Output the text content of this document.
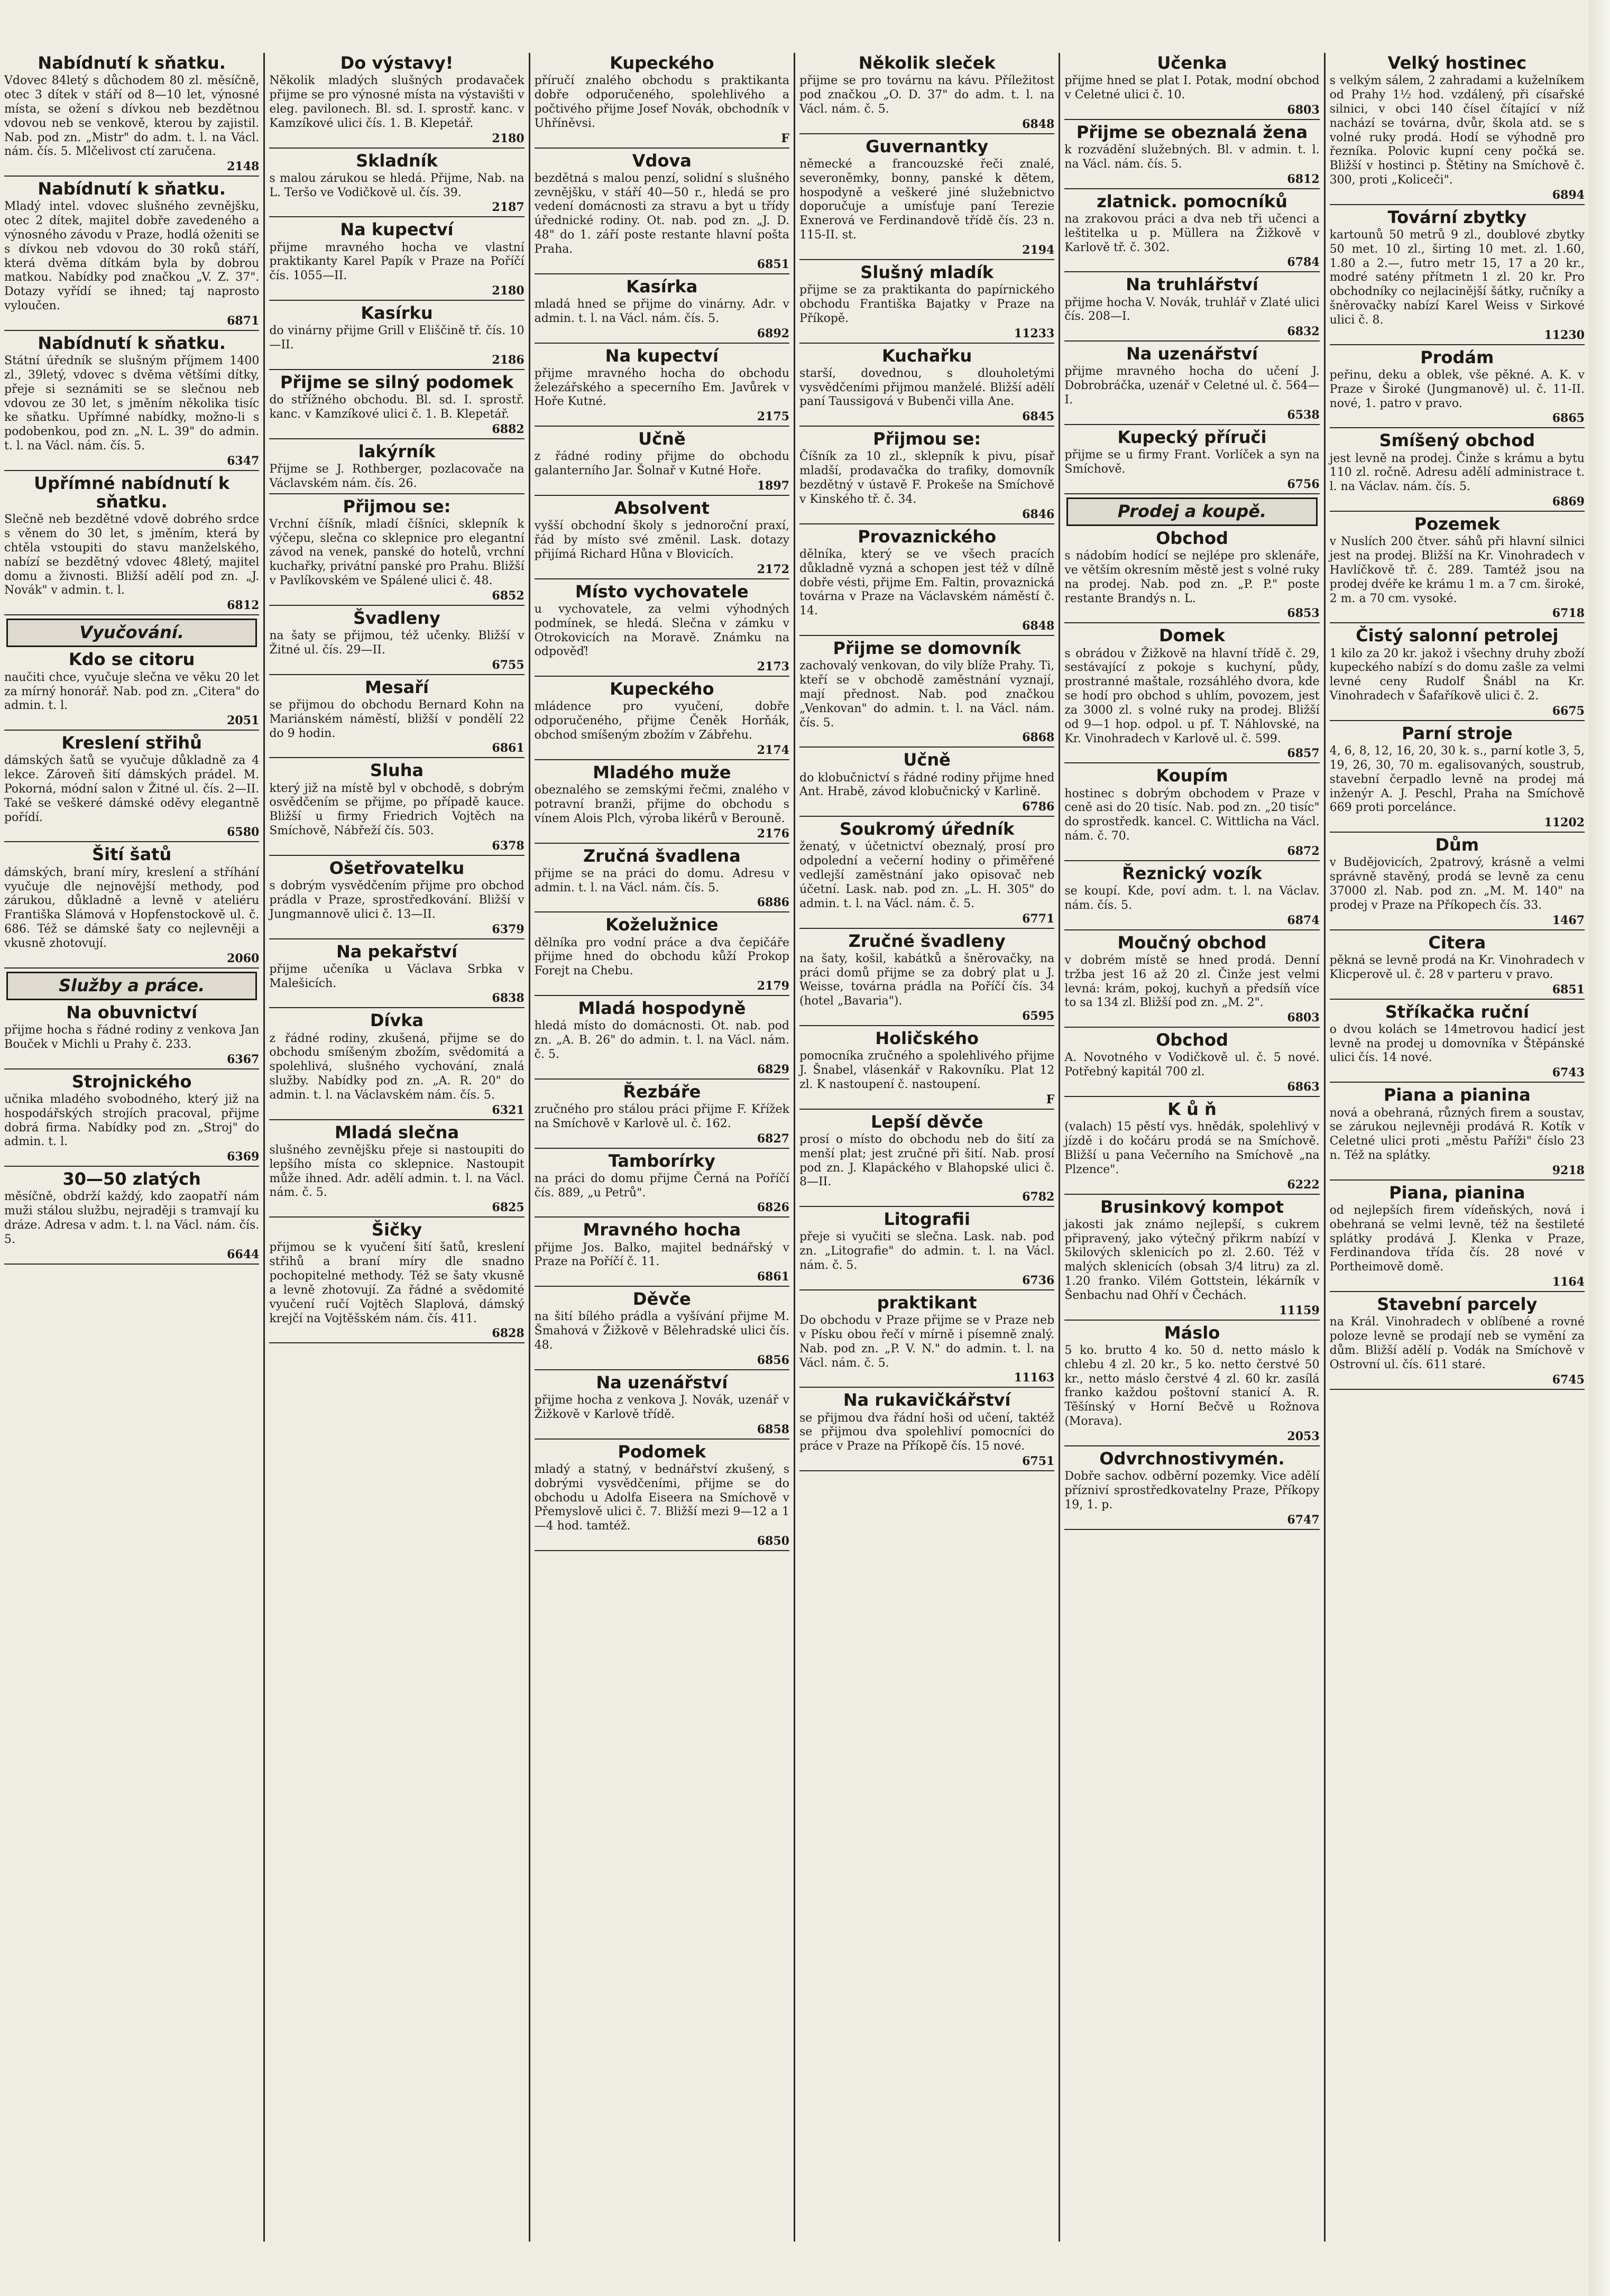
Nabídnutí k sňatku.

Vdovec 84letý s důchodem 80 zl. měsíčně, otec 3 dítek v stáří od 8—10 let, výnosné místa, se ožení s dívkou neb bezdětnou vdovou neb se venkově, kterou by zajistil. Nab. pod zn. „Mistr" do adm. t. l. na Václ. nám. čís. 5. Mlčelivost ctí zaručena.

2148
Nabídnutí k sňatku.

Mladý intel. vdovec slušného zevnějšku, otec 2 dítek, majitel dobře zavedeného a výnosného závodu v Praze, hodlá oženiti se s dívkou neb vdovou do 30 roků stáří, která dvěma dítkám byla by dobrou matkou. Nabídky pod značkou „V. Z. 37". Dotazy vyřídí se ihned; taj naprosto vyloučen.

6871
Nabídnutí k sňatku.

Státní úředník se slušným příjmem 1400 zl., 39letý, vdovec s dvěma většími dítky, přeje si seznámiti se se slečnou neb vdovou ze 30 let, s jměním několika tisíc ke sňatku. Upřímné nabídky, možno-li s podobenkou, pod zn. „N. L. 39" do admin. t. l. na Václ. nám. čís. 5.

6347
Upřímné nabídnutí k sňatku.

Slečně neb bezdětné vdově dobrého srdce s věnem do 30 let, s jměním, která by chtěla vstoupiti do stavu manželského, nabízí se bezdětný vdovec 48letý, majitel domu a živnosti. Bližší adělí pod zn. „J. Novák" v admin. t. l.

6812
Vyučování.
Kdo se citoru

naučiti chce, vyučuje slečna ve věku 20 let za mírný honorář. Nab. pod zn. „Citera" do admin. t. l.

2051
Kreslení střihů

dámských šatů se vyučuje důkladně za 4 lekce. Zároveň šití dámských prádel. M. Pokorná, módní salon v Žitné ul. čís. 2—II. Také se veškeré dámské oděvy elegantně pořídí.

6580
Šití šatů

dámských, braní míry, kreslení a stříhání vyučuje dle nejnovější methody, pod zárukou, důkladně a levně v ateliéru Františka Slámová v Hopfenstockově ul. č. 686. Též se dámské šaty co nejlevněji a vkusně zhotovují.

2060
Služby a práce.
Na obuvnictví

přijme hocha s řádné rodiny z venkova Jan Bouček v Michli u Prahy č. 233.

6367
Strojnického

učnika mladého svobodného, který již na hospodářských strojích pracoval, přijme dobrá firma. Nabídky pod zn. „Stroj" do admin. t. l.

6369
30—50 zlatých

měsíčně, obdrží každý, kdo zaopatří nám muži stálou službu, nejraději s tramvají ku dráze. Adresa v adm. t. l. na Václ. nám. čís. 5.

6644
Do výstavy!

Několik mladých slušných prodavaček přijme se pro výnosné místa na výstavišti v eleg. pavilonech. Bl. sd. I. sprostř. kanc. v Kamzíkové ulici čís. 1. B. Klepetář.

2180
Skladník

s malou zárukou se hledá. Přijme, Nab. na L. Teršo ve Vodičkově ul. čís. 39.

2187
Na kupectví

přijme mravného hocha ve vlastní praktikanty Karel Papík v Praze na Poříčí čís. 1055—II.

2180
Kasírku

do vinárny přijme Grill v Eliščině tř. čís. 10—II.

2186
Přijme se silný podomek

do střížného obchodu. Bl. sd. I. sprostř. kanc. v Kamzíkové ulici č. 1. B. Klepetář.

6882
lakýrník

Přijme se J. Rothberger, pozlacovače na Václavském nám. čís. 26.

Přijmou se:

Vrchní číšník, mladí číšníci, sklepník k výčepu, slečna co sklepnice pro elegantní závod na venek, panské do hotelů, vrchní kuchařky, privátní panské pro Prahu. Bližší v Pavlíkovském ve Spálené ulici č. 48.

6852
Švadleny

na šaty se přijmou, též učenky. Bližší v Žitné ul. čís. 29—II.

6755
Mesaří

se přijmou do obchodu Bernard Kohn na Mariánském náměstí, bližší v pondělí 22 do 9 hodin.

6861
Sluha

který již na místě byl v obchodě, s dobrým osvědčením se přijme, po případě kauce. Bližší u firmy Friedrich Vojtěch na Smíchově, Nábřeží čís. 503.

6378
Ošetřovatelku

s dobrým vysvědčením přijme pro obchod prádla v Praze, sprostředkování. Bližší v Jungmannově ulici č. 13—II.

6379
Na pekařství

přijme učeníka u Václava Srbka v Malešicích.

6838
Dívka

z řádné rodiny, zkušená, přijme se do obchodu smíšeným zbožím, svědomitá a spolehlivá, slušného vychování, znalá služby. Nabídky pod zn. „A. R. 20" do admin. t. l. na Václavském nám. čís. 5.

6321
Mladá slečna

slušného zevnějšku přeje si nastoupiti do lepšího místa co sklepnice. Nastoupit může ihned. Adr. adělí admin. t. l. na Václ. nám. č. 5.

6825
Šičky

přijmou se k vyučení šití šatů, kreslení střihů a braní míry dle snadno pochopitelné methody. Též se šaty vkusně a levně zhotovují. Za řádné a svědomité vyučení ručí Vojtěch Slaplová, dámský krejčí na Vojtěšském nám. čís. 411.

6828
Kupeckého

příručí znalého obchodu s praktikanta dobře odporučeného, spolehlivého a počtivého přijme Josef Novák, obchodník v Uhříněvsi.

F
Vdova

bezdětná s malou penzí, solidní s slušného zevnějšku, v stáří 40—50 r., hledá se pro vedení domácnosti za stravu a byt u třídy úřednické rodiny. Ot. nab. pod zn. „J. D. 48" do 1. září poste restante hlavní pošta Praha.

6851
Kasírka

mladá hned se přijme do vinárny. Adr. v admin. t. l. na Václ. nám. čís. 5.

6892
Na kupectví

přijme mravného hocha do obchodu železářského a specerního Em. Javůrek v Hoře Kutné.

2175
Učně

z řádné rodiny přijme do obchodu galanterního Jar. Šolnař v Kutné Hoře.

1897
Absolvent

vyšší obchodní školy s jednoroční praxí, řád by místo své změnil. Lask. dotazy přijímá Richard Hůna v Blovicích.

2172
Místo vychovatele

u vychovatele, za velmi výhodných podmínek, se hledá. Slečna v zámku v Otrokovicích na Moravě. Známku na odpověď!

2173
Kupeckého

mládence pro vyučení, dobře odporučeného, přijme Čeněk Horňák, obchod smíšeným zbožím v Zábřehu.

2174
Mladého muže

obeznalého se zemskými řečmi, znalého v potravní branži, přijme do obchodu s vínem Alois Plch, výroba likérů v Berouně.

2176
Zručná švadlena

přijme se na práci do domu. Adresu v admin. t. l. na Václ. nám. čís. 5.

6886
Koželužnice

dělníka pro vodní práce a dva čepičáře přijme hned do obchodu kůží Prokop Forejt na Chebu.

2179
Mladá hospodyně

hledá místo do domácnosti. Ot. nab. pod zn. „A. B. 26" do admin. t. l. na Václ. nám. č. 5.

6829
Řezbáře

zručného pro stálou práci přijme F. Křížek na Smíchově v Karlově ul. č. 162.

6827
Tamborírky

na práci do domu přijme Černá na Poříčí čís. 889, „u Petrů".

6826
Mravného hocha

přijme Jos. Balko, majitel bednářský v Praze na Poříčí č. 11.

6861
Děvče

na šití bílého prádla a vyšívání přijme M. Šmahová v Žižkově v Bělehradské ulici čís. 48.

6856
Na uzenářství

přijme hocha z venkova J. Novák, uzenář v Žižkově v Karlově třídě.

6858
Podomek

mladý a statný, v bednářství zkušený, s dobrými vysvědčeními, přijme se do obchodu u Adolfa Eiseera na Smíchově v Přemyslově ulici č. 7. Bližší mezi 9—12 a 1—4 hod. tamtéž.

6850
Několik sleček

přijme se pro továrnu na kávu. Příležitost pod značkou „O. D. 37" do adm. t. l. na Václ. nám. č. 5.

6848
Guvernantky

německé a francouzské řeči znalé, severoněmky, bonny, panské k dětem, hospodyně a veškeré jiné služebnictvo doporučuje a umísťuje paní Terezie Exnerová ve Ferdinandově třídě čís. 23 n. 115-II. st.

2194
Slušný mladík

přijme se za praktikanta do papírnického obchodu Františka Bajatky v Praze na Příkopě.

11233
Kuchařku

starší, dovednou, s dlouholetými vysvědčeními přijmou manželé. Bližší adělí paní Taussigová v Bubenči villa Ane.

6845
Přijmou se:

Číšník za 10 zl., sklepník k pivu, písař mladší, prodavačka do trafiky, domovník bezdětný v ústavě F. Prokeše na Smíchově v Kinského tř. č. 34.

6846
Provaznického

dělníka, který se ve všech pracích důkladně vyzná a schopen jest též v dílně dobře vésti, přijme Em. Faltin, provaznická továrna v Praze na Václavském náměstí č. 14.

6848
Přijme se domovník

zachovalý venkovan, do vily blíže Prahy. Ti, kteří se v obchodě zaměstnání vyznají, mají přednost. Nab. pod značkou „Venkovan" do admin. t. l. na Václ. nám. čís. 5.

6868
Učně

do klobučnictví s řádné rodiny přijme hned Ant. Hrabě, závod klobučnický v Karlině.

6786
Soukromý úředník

ženatý, v účetnictví obeznalý, prosí pro odpolední a večerní hodiny o přiměřené vedlejší zaměstnání jako opisovač neb účetní. Lask. nab. pod zn. „L. H. 305" do admin. t. l. na Václ. nám. č. 5.

6771
Zručné švadleny

na šaty, košil, kabátků a šněrovačky, na práci domů přijme se za dobrý plat u J. Weisse, továrna prádla na Poříčí čís. 34 (hotel „Bavaria").

6595
Holičského

pomocníka zručného a spolehlivého přijme J. Šnabel, vlásenkář v Rakovníku. Plat 12 zl. K nastoupení č. nastoupení.

F
Lepší děvče

prosí o místo do obchodu neb do šití za menší plat; jest zručné při šití. Nab. prosí pod zn. J. Klapáckého v Blahopské ulici č. 8—II.

6782
Litografii

přeje si vyučiti se slečna. Lask. nab. pod zn. „Litografie" do admin. t. l. na Václ. nám. č. 5.

6736
praktikant

Do obchodu v Praze přijme se v Praze neb v Písku obou řečí v mírně i písemně znalý. Nab. pod zn. „P. V. N." do admin. t. l. na Václ. nám. č. 5.

11163
Na rukavičkářství

se přijmou dva řádní hoši od učení, taktéž se přijmou dva spolehliví pomocníci do práce v Praze na Příkopě čís. 15 nové.

6751
Učenka

přijme hned se plat I. Potak, modní obchod v Celetné ulici č. 10.

6803
Přijme se obeznalá žena

k rozvádění služebných. Bl. v admin. t. l. na Václ. nám. čís. 5.

6812
zlatnick. pomocníků

na zrakovou práci a dva neb tři učenci a leštitelka u p. Müllera na Žižkově v Karlově tř. č. 302.

6784
Na truhlářství

přijme hocha V. Novák, truhlář v Zlaté ulici čís. 208—I.

6832
Na uzenářství

přijme mravného hocha do učení J. Dobrobráčka, uzenář v Celetné ul. č. 564—I.

6538
Kupecký příruči

přijme se u firmy Frant. Vorlíček a syn na Smíchově.

6756
Prodej a koupě.
Obchod

s nádobím hodící se nejlépe pro sklenáře, ve větším okresním městě jest s volné ruky na prodej. Nab. pod zn. „P. P." poste restante Brandýs n. L.

6853
Domek

s obrádou v Žižkově na hlavní třídě č. 29, sestávající z pokoje s kuchyní, půdy, prostranné maštale, rozsáhlého dvora, kde se hodí pro obchod s uhlím, povozem, jest za 3000 zl. s volné ruky na prodej. Bližší od 9—1 hop. odpol. u pf. T. Náhlovské, na Kr. Vinohradech v Karlově ul. č. 599.

6857
Koupím

hostinec s dobrým obchodem v Praze v ceně asi do 20 tisíc. Nab. pod zn. „20 tisíc" do sprostředk. kancel. C. Wittlicha na Václ. nám. č. 70.

6872
Řeznický vozík

se koupí. Kde, poví adm. t. l. na Václav. nám. čís. 5.

6874
Moučný obchod

v dobrém místě se hned prodá. Denní tržba jest 16 až 20 zl. Činže jest velmi levná: krám, pokoj, kuchyň a předsíň více to sa 134 zl. Bližší pod zn. „M. 2".

6803
Obchod

A. Novotného v Vodičkově ul. č. 5 nové. Potřebný kapitál 700 zl.

6863
K ů ň

(valach) 15 pěstí vys. hnědák, spolehlivý v jízdě i do kočáru prodá se na Smíchově. Bližší u pana Večerního na Smíchově „na Plzence".

6222
Brusinkový kompot

jakosti jak známo nejlepší, s cukrem připravený, jako výtečný přikrm nabízí v 5kilových sklenicích po zl. 2.60. Též v malých sklenicích (obsah 3/4 litru) za zl. 1.20 franko. Vilém Gottstein, lékárník v Šenbachu nad Ohří v Čechách.

11159
Máslo

5 ko. brutto 4 ko. 50 d. netto máslo k chlebu 4 zl. 20 kr., 5 ko. netto čerstvé 50 kr., netto máslo čerstvé 4 zl. 60 kr. zasílá franko každou poštovní stanicí A. R. Těšínský v Horní Bečvě u Rožnova (Morava).

2053
Odvrchnostivymén.

Dobře sachov. odběrní pozemky. Vice adělí přízniví sprostředkovatelny Praze, Příkopy 19, 1. p.

6747
Velký hostinec

s velkým sálem, 2 zahradami a kuželníkem od Prahy 1½ hod. vzdálený, při císařské silnici, v obci 140 čísel čítající v níž nachází se továrna, dvůr, škola atd. se s volné ruky prodá. Hodí se výhodně pro řezníka. Polovic kupní ceny počká se. Bližší v hostinci p. Štětiny na Smíchově č. 300, proti „Koliceči".

6894
Tovární zbytky

kartounů 50 metrů 9 zl., doublové zbytky 50 met. 10 zl., širting 10 met. zl. 1.60, 1.80 a 2.—, futro metr 15, 17 a 20 kr., modré satény přítmetn 1 zl. 20 kr. Pro obchodníky co nejlacinější šátky, ručníky a šněrovačky nabízí Karel Weiss v Sirkové ulici č. 8.

11230
Prodám

peřinu, deku a oblek, vše pěkné. A. K. v Praze v Široké (Jungmanově) ul. č. 11-II. nové, 1. patro v pravo.

6865
Smíšený obchod

jest levně na prodej. Činže s krámu a bytu 110 zl. ročně. Adresu adělí administrace t. l. na Václav. nám. čís. 5.

6869
Pozemek

v Nuslích 200 čtver. sáhů při hlavní silnici jest na prodej. Bližší na Kr. Vinohradech v Havlíčkově tř. č. 289. Tamtéž jsou na prodej dvéře ke krámu 1 m. a 7 cm. široké, 2 m. a 70 cm. vysoké.

6718
Čistý salonní petrolej

1 kilo za 20 kr. jakož i všechny druhy zboží kupeckého nabízí s do domu zašle za velmi levné ceny Rudolf Šnábl na Kr. Vinohradech v Šafaříkově ulici č. 2.

6675
Parní stroje

4, 6, 8, 12, 16, 20, 30 k. s., parní kotle 3, 5, 19, 26, 30, 70 m. egalisovaných, soustrub, stavební čerpadlo levně na prodej má inženýr A. J. Peschl, Praha na Smíchově 669 proti porcelánce.

11202
Dům

v Budějovicích, 2patrový, krásně a velmi správně stavěný, prodá se levně za cenu 37000 zl. Nab. pod zn. „M. M. 140" na prodej v Praze na Příkopech čís. 33.

1467
Citera

pěkná se levně prodá na Kr. Vinohradech v Klicperově ul. č. 28 v parteru v pravo.

6851
Stříkačka ruční

o dvou kolách se 14metrovou hadicí jest levně na prodej u domovníka v Štěpánské ulici čís. 14 nové.

6743
Piana a pianina

nová a obehraná, různých firem a soustav, se zárukou nejlevněji prodává R. Kotík v Celetné ulici proti „městu Paříži" číslo 23 n. Též na splátky.

9218
Piana, pianina

od nejlepších firem vídeňských, nová i obehraná se velmi levně, též na šestileté splátky prodává J. Klenka v Praze, Ferdinandova třída čís. 28 nové v Portheimově domě.

1164
Stavební parcely

na Král. Vinohradech v oblíbené a rovné poloze levně se prodají neb se vymění za dům. Bližší adělí p. Vodák na Smíchově v Ostrovní ul. čís. 611 staré.

6745
